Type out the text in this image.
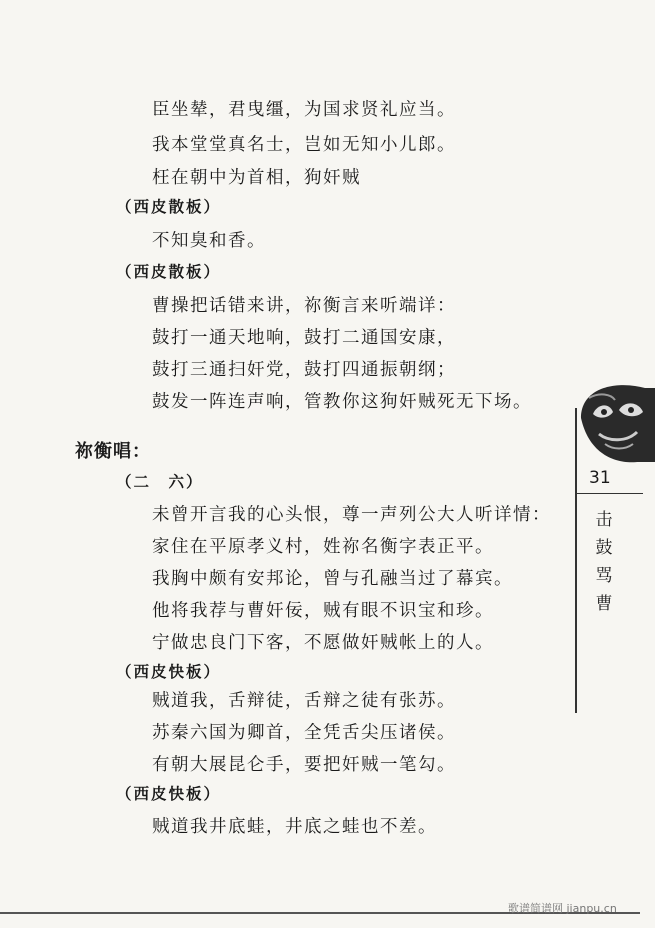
臣坐辇，君曳缰，为国求贤礼应当。
我本堂堂真名士，岂如无知小儿郎。
枉在朝中为首相，狗奸贼
（西皮散板）
不知臭和香。
（西皮散板）
曹操把话错来讲，祢衡言来听端详：
鼓打一通天地响，鼓打二通国安康，
鼓打三通扫奸党，鼓打四通振朝纲；
鼓发一阵连声响，管教你这狗奸贼死无下场。
祢衡唱：
（二　六）
未曾开言我的心头恨，尊一声列公大人听详情：
家住在平原孝义村，姓祢名衡字表正平。
我胸中颇有安邦论，曾与孔融当过了幕宾。
他将我荐与曹奸佞，贼有眼不识宝和珍。
宁做忠良门下客，不愿做奸贼帐上的人。
（西皮快板）
贼道我，舌辩徒，舌辩之徒有张苏。
苏秦六国为卿首，全凭舌尖压诸侯。
有朝大展昆仑手，要把奸贼一笔勾。
（西皮快板）
贼道我井底蛙，井底之蛙也不差。
31
击
鼓
骂
曹
歌谱简谱网 jianpu.cn
